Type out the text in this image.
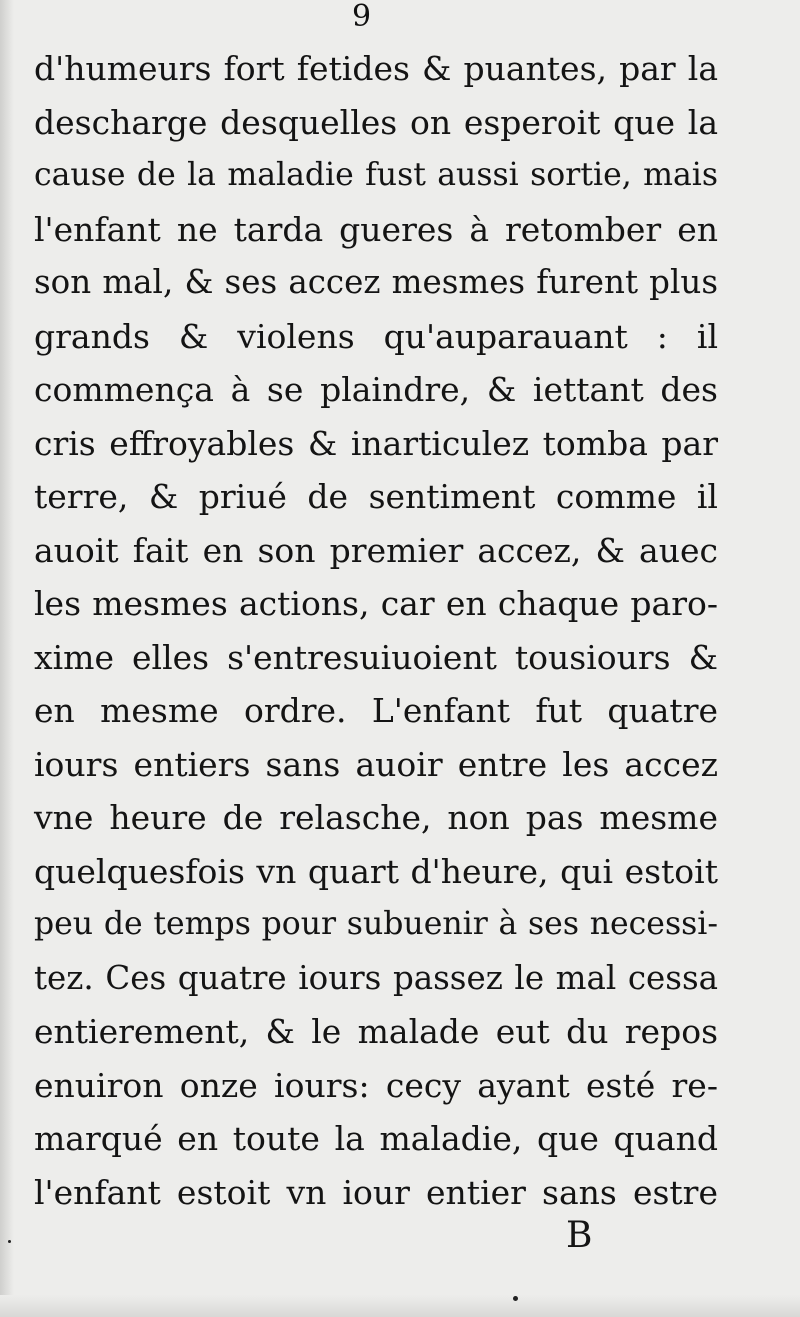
9
d'humeurs fort fetides & puantes, par la
descharge desquelles on esperoit que la
cause de la maladie fust aussi sortie, mais
l'enfant ne tarda gueres à retomber en
son mal, & ses accez mesmes furent plus
grands & violens qu'auparauant : il
commença à se plaindre, & iettant des
cris effroyables & inarticulez tomba par
terre, & priué de sentiment comme il
auoit fait en son premier accez, & auec
les mesmes actions, car en chaque paro-
xime elles s'entresuiuoient tousiours &
en mesme ordre. L'enfant fut quatre
iours entiers sans auoir entre les accez
vne heure de relasche, non pas mesme
quelquesfois vn quart d'heure, qui estoit
peu de temps pour subuenir à ses necessi-
tez. Ces quatre iours passez le mal cessa
entierement, & le malade eut du repos
enuiron onze iours: cecy ayant esté re-
marqué en toute la maladie, que quand
l'enfant estoit vn iour entier sans estre
B
